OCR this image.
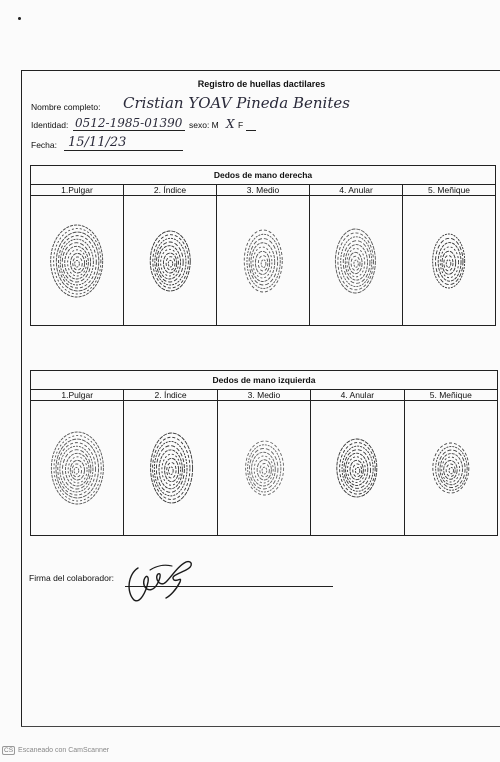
Registro de huellas dactilares
Nombre completo: Cristian YOAV Pineda Benites
Identidad: 0512-1985-01390 sexo: M X F
Fecha: 15/11/23
Dedos de mano derecha				
1.Pulgar	2. Índice	3. Medio	4. Anular	5. Meñique

Dedos de mano izquierda				
1.Pulgar	2. Índice	3. Medio	4. Anular	5. Meñique

Firma del colaborador:
CS Escaneado con CamScanner
